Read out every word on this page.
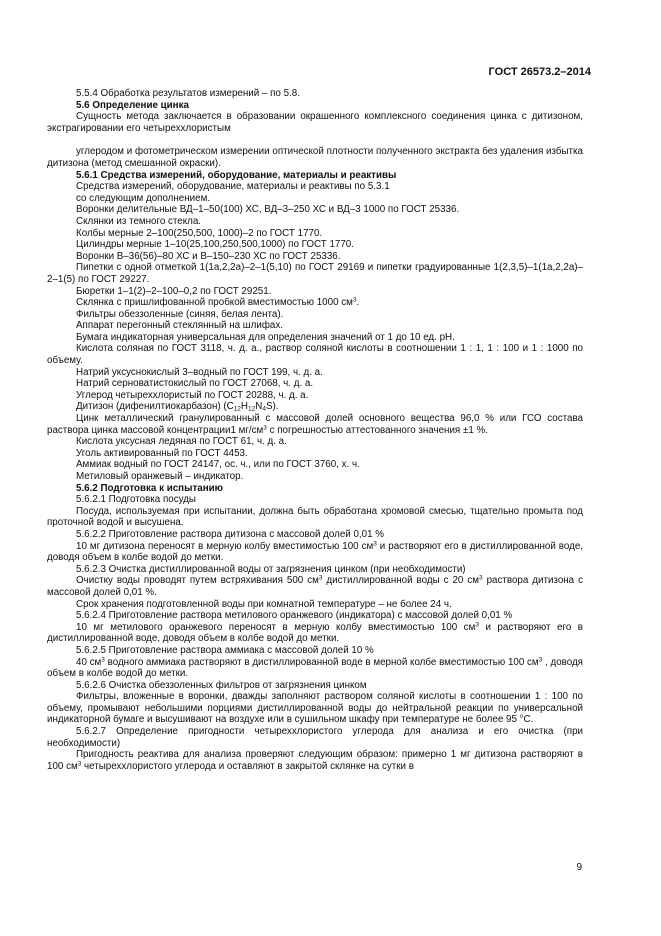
ГОСТ 26573.2–2014

5.5.4 Обработка результатов измерений – по 5.8.

5.6 Определение цинка

Сущность метода заключается в образовании окрашенного комплексного соединения цинка с дитизоном, экстрагировании его четыреххлористым

углеродом и фотометрическом измерении оптической плотности полученного экстракта без удаления избытка дитизона (метод смешанной окраски).

5.6.1 Средства измерений, оборудование, материалы и реактивы

Средства измерений, оборудование, материалы и реактивы по 5.3.1

со следующим дополнением.

Воронки делительные ВД–1–50(100) ХС, ВД–3–250 ХС и ВД–3 1000 по ГОСТ 25336.

Склянки из темного стекла.

Колбы мерные 2–100(250,500, 1000)–2 по ГОСТ 1770.

Цилиндры мерные 1–10(25,100,250,500,1000) по ГОСТ 1770.

Воронки В–36(56)–80 ХС и В–150–230 ХС по ГОСТ 25336.

Пипетки с одной отметкой 1(1а,2,2а)–2–1(5,10) по ГОСТ 29169 и пипетки градуированные 1(2,3,5)–1(1а,2,2а)–2–1(5) по ГОСТ 29227.

Бюретки 1–1(2)–2–100–0,2 по ГОСТ 29251.

Склянка с пришлифованной пробкой вместимостью 1000 $см^3$.

Фильтры обеззоленные (синяя, белая лента).

Аппарат перегонный стеклянный на шлифах.

Бумага индикаторная универсальная для определения значений от 1 до 10 ед. pH.

Кислота соляная по ГОСТ 3118, ч. д. а., раствор соляной кислоты в соотношении 1 : 1, 1 : 100 и 1 : 1000 по объему.

Натрий уксуснокислый 3–водный по ГОСТ 199, ч. д. а.

Натрий серноватистокислый по ГОСТ 27068, ч. д. а.

Углерод четыреххлористый по ГОСТ 20288, ч. д. а.

Дитизон (дифенилтиокарбазон) $(C_{12}H_{12}N_4S)$.

Цинк металлический гранулированный с массовой долей основного вещества 96,0 % или ГСО состава раствора цинка массовой концентрации1 $мг/см^3$ с погрешностью аттестованного значения ±1 %.

Кислота уксусная ледяная по ГОСТ 61, ч. д. а.

Уголь активированный по ГОСТ 4453.

Аммиак водный по ГОСТ 24147, ос. ч., или по ГОСТ 3760, х. ч.

Метиловый оранжевый – индикатор.

5.6.2 Подготовка к испытанию

5.6.2.1 Подготовка посуды

Посуда, используемая при испытании, должна быть обработана хромовой смесью, тщательно промыта под проточной водой и высушена.

5.6.2.2 Приготовление раствора дитизона с массовой долей 0,01 %

10 мг дитизона переносят в мерную колбу вместимостью 100 $см^3$ и растворяют его в дистиллированной воде, доводя объем в колбе водой до метки.

5.6.2.3 Очистка дистиллированной воды от загрязнения цинком (при необходимости)

Очистку воды проводят путем встряхивания 500 $см^3$ дистиллированной воды с 20 $см^3$ раствора дитизона с массовой долей 0,01 %.

Срок хранения подготовленной воды при комнатной температуре – не более 24 ч.

5.6.2.4 Приготовление раствора метилового оранжевого (индикатора) с массовой долей 0,01 %

10 мг метилового оранжевого переносят в мерную колбу вместимостью 100 $см^3$ и растворяют его в дистиллированной воде, доводя объем в колбе водой до метки.

5.6.2.5 Приготовление раствора аммиака с массовой долей 10 %

40 $см^3$ водного аммиака растворяют в дистиллированной воде в мерной колбе вместимостью 100 $см^3$ , доводя объем в колбе водой до метки.

5.6.2.6 Очистка обеззоленных фильтров от загрязнения цинком

Фильтры, вложенные в воронки, дважды заполняют раствором соляной кислоты в соотношении 1 : 100 по объему, промывают небольшими порциями дистиллированной воды до нейтральной реакции по универсальной индикаторной бумаге и высушивают на воздухе или в сушильном шкафу при температуре не более 95 °С.

5.6.2.7 Определение пригодности четыреххлористого углерода для анализа и его очистка (при необходимости)

Пригодность реактива для анализа проверяют следующим образом: примерно 1 мг дитизона растворяют в 100 $см^3$ четыреххлористого углерода и оставляют в закрытой склянке на сутки в

9
